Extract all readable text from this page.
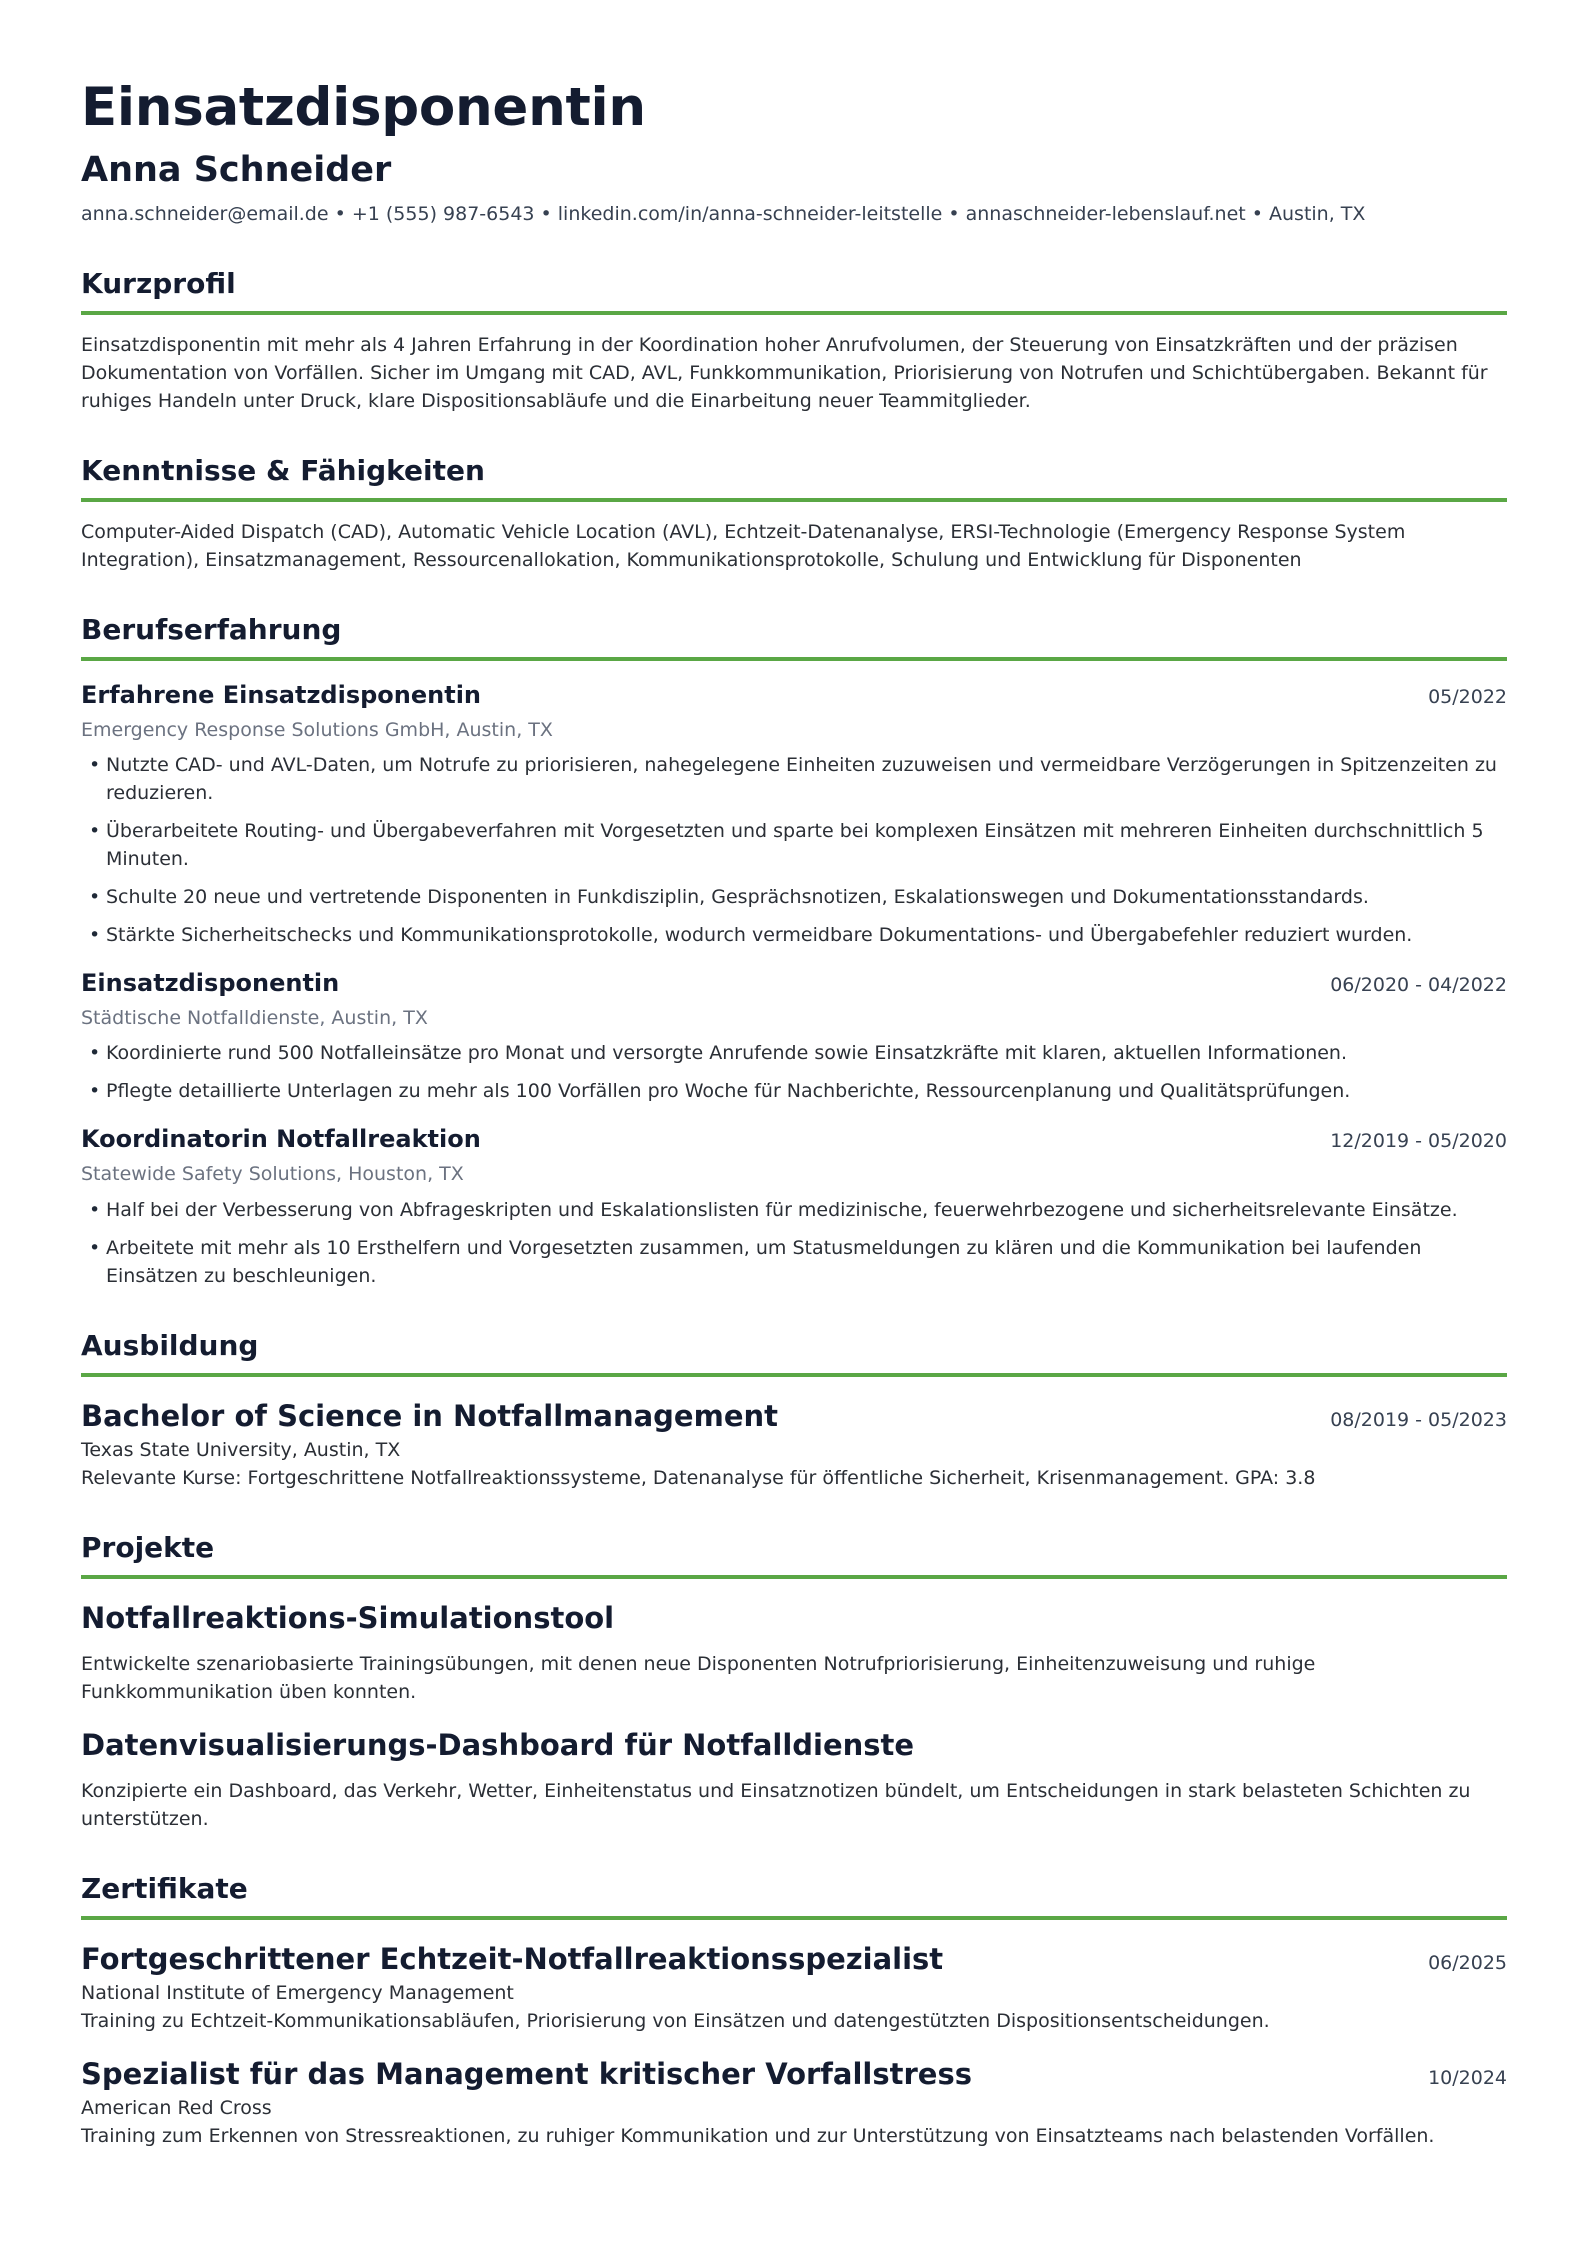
Einsatzdisponentin
Anna Schneider
anna.schneider@email.de • +1 (555) 987-6543 • linkedin.com/in/anna-schneider-leitstelle • annaschneider-lebenslauf.net • Austin, TX
Kurzprofil
Einsatzdisponentin mit mehr als 4 Jahren Erfahrung in der Koordination hoher Anrufvolumen, der Steuerung von Einsatzkräften und der präzisen Dokumentation von Vorfällen. Sicher im Umgang mit CAD, AVL, Funkkommunikation, Priorisierung von Notrufen und Schichtübergaben. Bekannt für ruhiges Handeln unter Druck, klare Dispositionsabläufe und die Einarbeitung neuer Teammitglieder.
Kenntnisse & Fähigkeiten
Computer-Aided Dispatch (CAD), Automatic Vehicle Location (AVL), Echtzeit-Datenanalyse, ERSI-Technologie (Emergency Response System Integration), Einsatzmanagement, Ressourcenallokation, Kommunikationsprotokolle, Schulung und Entwicklung für Disponenten
Berufserfahrung
Erfahrene Einsatzdisponentin	05/2022
Emergency Response Solutions GmbH, Austin, TX
• Nutzte CAD- und AVL-Daten, um Notrufe zu priorisieren, nahegelegene Einheiten zuzuweisen und vermeidbare Verzögerungen in Spitzenzeiten zu reduzieren.
• Überarbeitete Routing- und Übergabeverfahren mit Vorgesetzten und sparte bei komplexen Einsätzen mit mehreren Einheiten durchschnittlich 5 Minuten.
• Schulte 20 neue und vertretende Disponenten in Funkdisziplin, Gesprächsnotizen, Eskalationswegen und Dokumentationsstandards.
• Stärkte Sicherheitschecks und Kommunikationsprotokolle, wodurch vermeidbare Dokumentations- und Übergabefehler reduziert wurden.
Einsatzdisponentin	06/2020 - 04/2022
Städtische Notfalldienste, Austin, TX
• Koordinierte rund 500 Notfalleinsätze pro Monat und versorgte Anrufende sowie Einsatzkräfte mit klaren, aktuellen Informationen.
• Pflegte detaillierte Unterlagen zu mehr als 100 Vorfällen pro Woche für Nachberichte, Ressourcenplanung und Qualitätsprüfungen.
Koordinatorin Notfallreaktion	12/2019 - 05/2020
Statewide Safety Solutions, Houston, TX
• Half bei der Verbesserung von Abfrageskripten und Eskalationslisten für medizinische, feuerwehrbezogene und sicherheitsrelevante Einsätze.
• Arbeitete mit mehr als 10 Ersthelfern und Vorgesetzten zusammen, um Statusmeldungen zu klären und die Kommunikation bei laufenden Einsätzen zu beschleunigen.
Ausbildung
Bachelor of Science in Notfallmanagement	08/2019 - 05/2023
Texas State University, Austin, TX
Relevante Kurse: Fortgeschrittene Notfallreaktionssysteme, Datenanalyse für öffentliche Sicherheit, Krisenmanagement. GPA: 3.8
Projekte
Notfallreaktions-Simulationstool
Entwickelte szenariobasierte Trainingsübungen, mit denen neue Disponenten Notrufpriorisierung, Einheitenzuweisung und ruhige Funkkommunikation üben konnten.
Datenvisualisierungs-Dashboard für Notfalldienste
Konzipierte ein Dashboard, das Verkehr, Wetter, Einheitenstatus und Einsatznotizen bündelt, um Entscheidungen in stark belasteten Schichten zu unterstützen.
Zertifikate
Fortgeschrittener Echtzeit-Notfallreaktionsspezialist	06/2025
National Institute of Emergency Management
Training zu Echtzeit-Kommunikationsabläufen, Priorisierung von Einsätzen und datengestützten Dispositionsentscheidungen.
Spezialist für das Management kritischer Vorfallstress	10/2024
American Red Cross
Training zum Erkennen von Stressreaktionen, zu ruhiger Kommunikation und zur Unterstützung von Einsatzteams nach belastenden Vorfällen.
